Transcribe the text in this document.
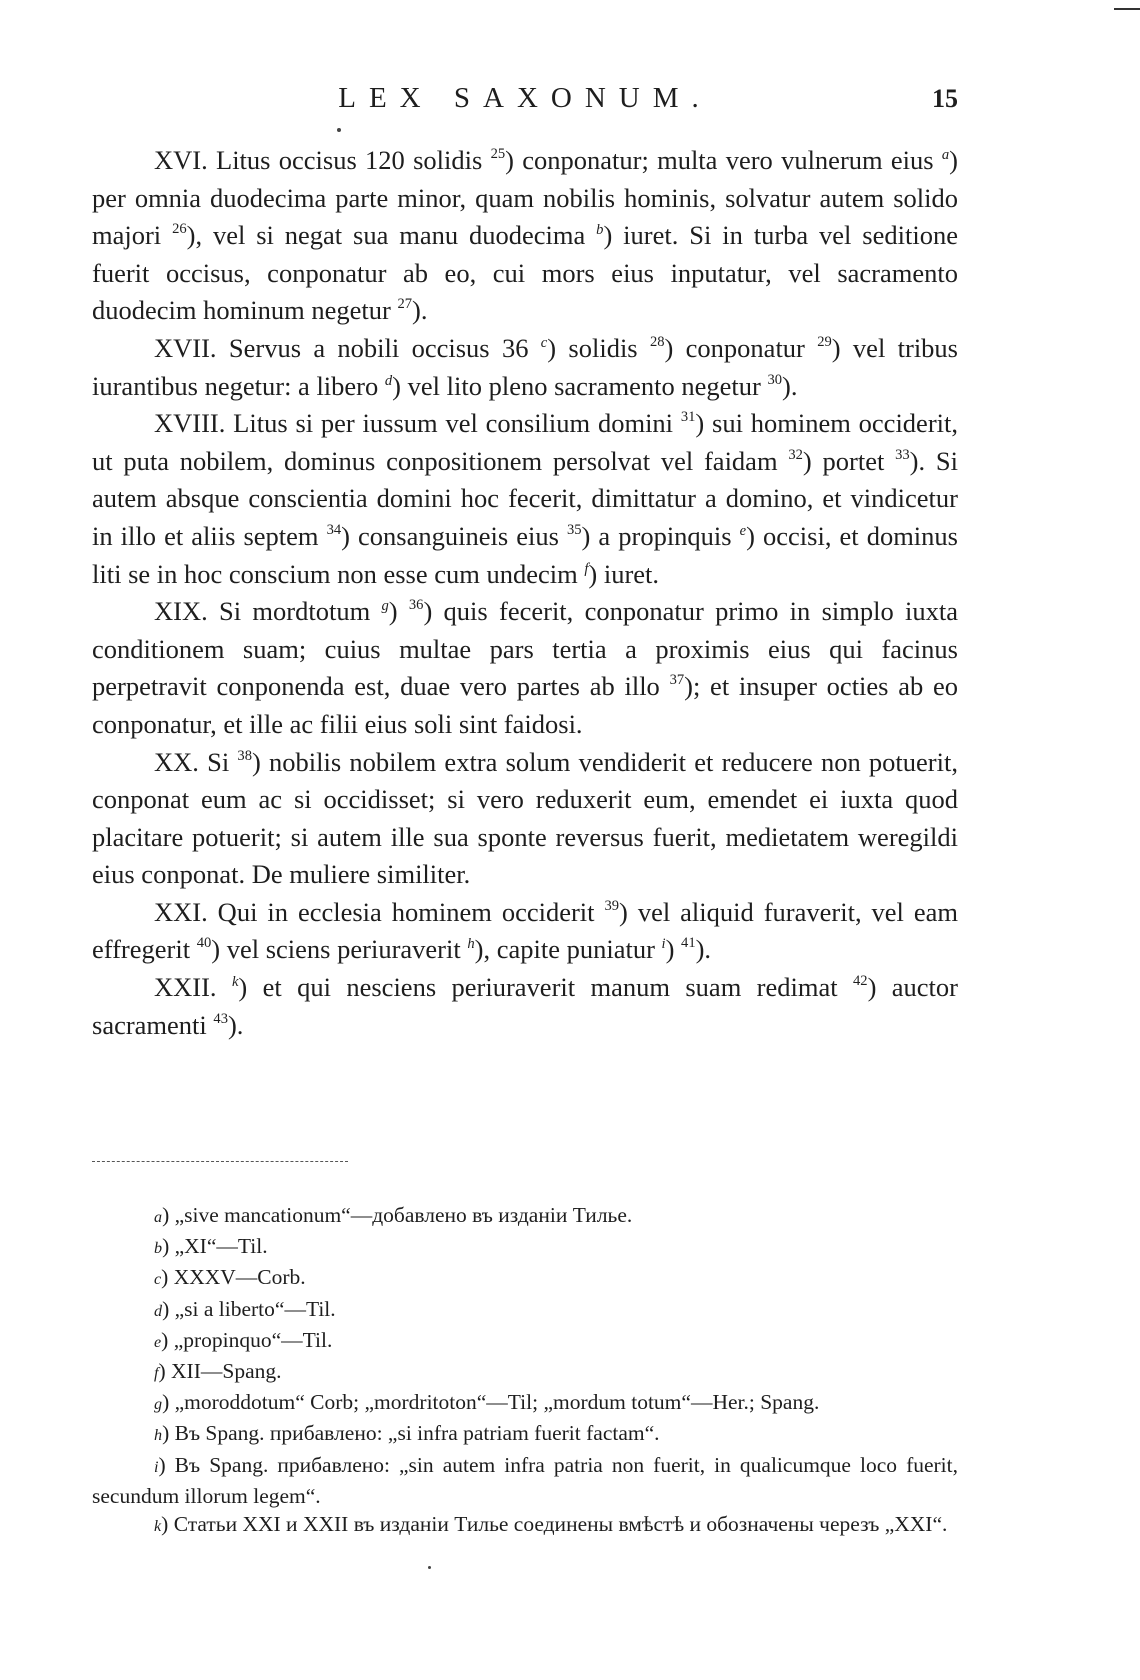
LEX SAXONUM.	15

XVI. Litus occisus 120 solidis $^{25}$) conponatur; multa vero vulnerum eius $^a$) per omnia duodecima parte minor, quam nobilis hominis, solvatur autem solido majori $^{26}$), vel si negat sua manu duodecima $^b$) iuret. Si in turba vel seditione fuerit occisus, conponatur ab eo, cui mors eius inputatur, vel sacramento duodecim hominum negetur $^{27}$).

XVII. Servus a nobili occisus 36 $^c$) solidis $^{28}$) conponatur $^{29}$) vel tribus iurantibus negetur: a libero $^d$) vel lito pleno sacramento negetur $^{30}$).

XVIII. Litus si per iussum vel consilium domini $^{31}$) sui hominem occiderit, ut puta nobilem, dominus conpositionem persolvat vel faidam $^{32}$) portet $^{33}$). Si autem absque conscientia domini hoc fecerit, dimittatur a domino, et vindicetur in illo et aliis septem $^{34}$) consanguineis eius $^{35}$) a propinquis $^e$) occisi, et dominus liti se in hoc conscium non esse cum undecim $^f$) iuret.

XIX. Si mordtotum $^g$) $^{36}$) quis fecerit, conponatur primo in simplo iuxta conditionem suam; cuius multae pars tertia a proximis eius qui facinus perpetravit conponenda est, duae vero partes ab illo $^{37}$); et insuper octies ab eo conponatur, et ille ac filii eius soli sint faidosi.

XX. Si $^{38}$) nobilis nobilem extra solum vendiderit et reducere non potuerit, conponat eum ac si occidisset; si vero reduxerit eum, emendet ei iuxta quod placitare potuerit; si autem ille sua sponte reversus fuerit, medietatem weregildi eius conponat. De muliere similiter.

XXI. Qui in ecclesia hominem occiderit $^{39}$) vel aliquid furaverit, vel eam effregerit $^{40}$) vel sciens periuraverit $^h$), capite puniatur $^i$) $^{41}$).

XXII. $^k$) et qui nesciens periuraverit manum suam redimat $^{42}$) auctor sacramenti $^{43}$).

a) „sive mancationum“—добавлено въ изданіи Тильe.

b) „XI“—Til.

c) XXXV—Corb.

d) „si a liberto“—Til.

e) „propinquo“—Til.

f) XII—Spang.

g) „moroddotum“ Corb; „mordritoton“—Til; „mordum totum“—Her.; Spang.

h) Въ Spang. прибавлено: „si infra patriam fuerit factam“.

i) Въ Spang. прибавлено: „sin autem infra patria non fuerit, in qualicumque loco fuerit, secundum illorum legem“.

k) Статьи XXI и XXII въ изданіи Тильe соединены вмѣстѣ и обозначены черезъ „XXI“.
